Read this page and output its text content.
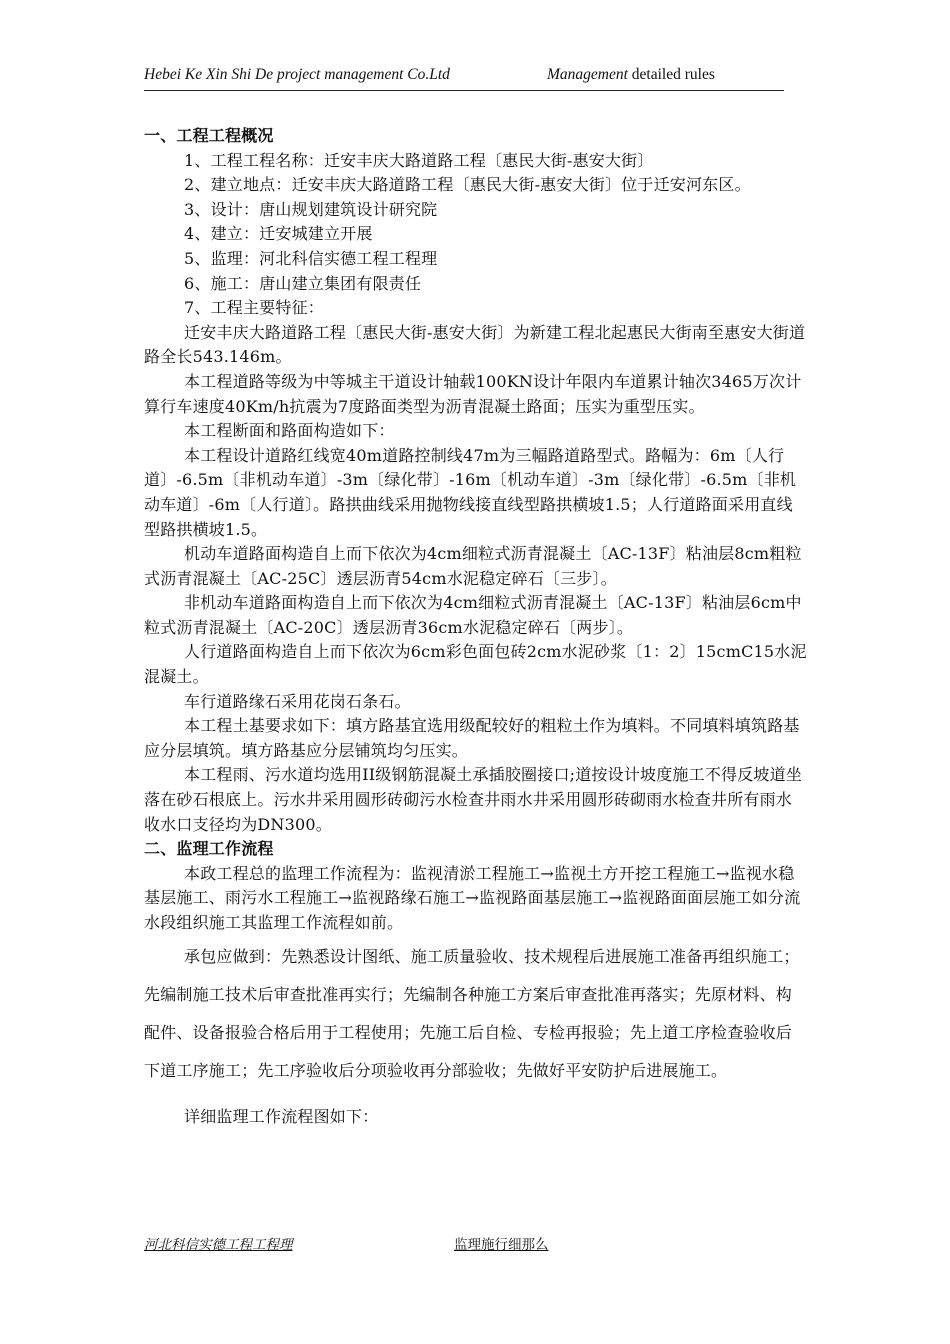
Hebei Ke Xin Shi De project management Co.Ltd	Management detailed rules

一、工程工程概况

1、工程工程名称：迁安丰庆大路道路工程〔惠民大街-惠安大街〕

2、建立地点：迁安丰庆大路道路工程〔惠民大街-惠安大街〕位于迁安河东区。

3、设计：唐山规划建筑设计研究院

4、建立：迁安城建立开展

5、监理：河北科信实德工程工程理

6、施工：唐山建立集团有限责任

7、工程主要特征：

迁安丰庆大路道路工程〔惠民大街-惠安大街〕为新建工程北起惠民大街南至惠安大街道路全长543.146m。

本工程道路等级为中等城主干道设计轴载100KN设计年限内车道累计轴次3465万次计算行车速度40Km/h抗震为7度路面类型为沥青混凝土路面；压实为重型压实。

本工程断面和路面构造如下：

本工程设计道路红线宽40m道路控制线47m为三幅路道路型式。路幅为：6m〔人行道〕-6.5m〔非机动车道〕-3m〔绿化带〕-16m〔机动车道〕-3m〔绿化带〕-6.5m〔非机动车道〕-6m〔人行道〕。路拱曲线采用抛物线接直线型路拱横坡1.5；人行道路面采用直线型路拱横坡1.5。

机动车道路面构造自上而下依次为4cm细粒式沥青混凝土〔AC-13F〕粘油层8cm粗粒式沥青混凝土〔AC-25C〕透层沥青54cm水泥稳定碎石〔三步〕。

非机动车道路面构造自上而下依次为4cm细粒式沥青混凝土〔AC-13F〕粘油层6cm中粒式沥青混凝土〔AC-20C〕透层沥青36cm水泥稳定碎石〔两步〕。

人行道路面构造自上而下依次为6cm彩色面包砖2cm水泥砂浆〔1：2〕15cmC15水泥混凝土。

车行道路缘石采用花岗石条石。

本工程土基要求如下：填方路基宜选用级配较好的粗粒土作为填料。不同填料填筑路基应分层填筑。填方路基应分层铺筑均匀压实。

本工程雨、污水道均选用II级钢筋混凝土承插胶圈接口;道按设计坡度施工不得反坡道坐落在砂石根底上。污水井采用圆形砖砌污水检查井雨水井采用圆形砖砌雨水检查井所有雨水收水口支径均为DN300。

二、监理工作流程

本政工程总的监理工作流程为：监视清淤工程施工→监视土方开挖工程施工→监视水稳基层施工、雨污水工程施工→监视路缘石施工→监视路面基层施工→监视路面面层施工如分流水段组织施工其监理工作流程如前。

承包应做到：先熟悉设计图纸、施工质量验收、技术规程后进展施工准备再组织施工；先编制施工技术后审查批准再实行；先编制各种施工方案后审查批准再落实；先原材料、构配件、设备报验合格后用于工程使用；先施工后自检、专检再报验；先上道工序检查验收后下道工序施工；先工序验收后分项验收再分部验收；先做好平安防护后进展施工。

详细监理工作流程图如下：

河北科信实德工程工程理	监理施行细那么
